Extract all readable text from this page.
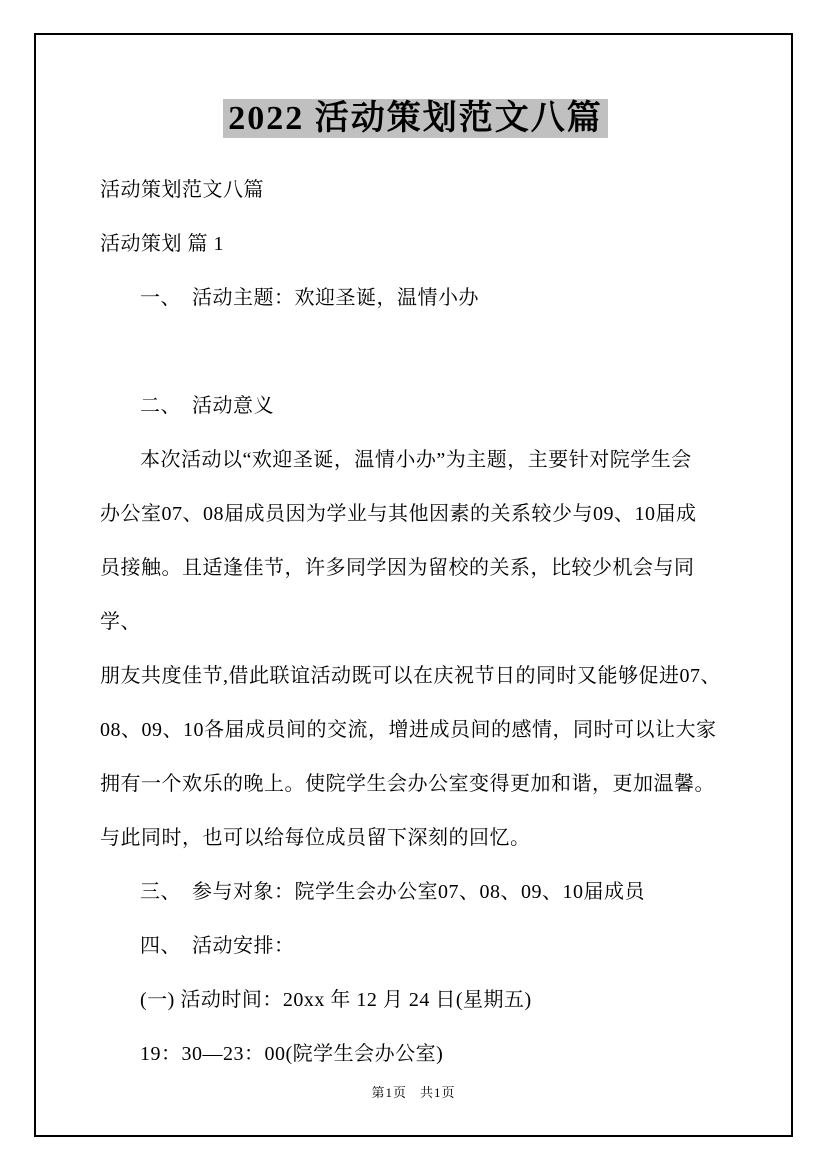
2022 活动策划范文八篇

活动策划范文八篇

活动策划 篇 1

一、  活动主题：欢迎圣诞，温情小办

二、  活动意义

本次活动以“欢迎圣诞，温情小办”为主题，主要针对院学生会

办公室07、08届成员因为学业与其他因素的关系较少与09、10届成

员接触。且适逢佳节，许多同学因为留校的关系，比较少机会与同学、

朋友共度佳节,借此联谊活动既可以在庆祝节日的同时又能够促进07、

08、09、10各届成员间的交流，增进成员间的感情，同时可以让大家

拥有一个欢乐的晚上。使院学生会办公室变得更加和谐，更加温馨。

与此同时，也可以给每位成员留下深刻的回忆。

三、  参与对象：院学生会办公室07、08、09、10届成员

四、  活动安排：

(一) 活动时间：20xx 年 12 月 24 日(星期五)

19：30—23：00(院学生会办公室)

第1页 共1页
